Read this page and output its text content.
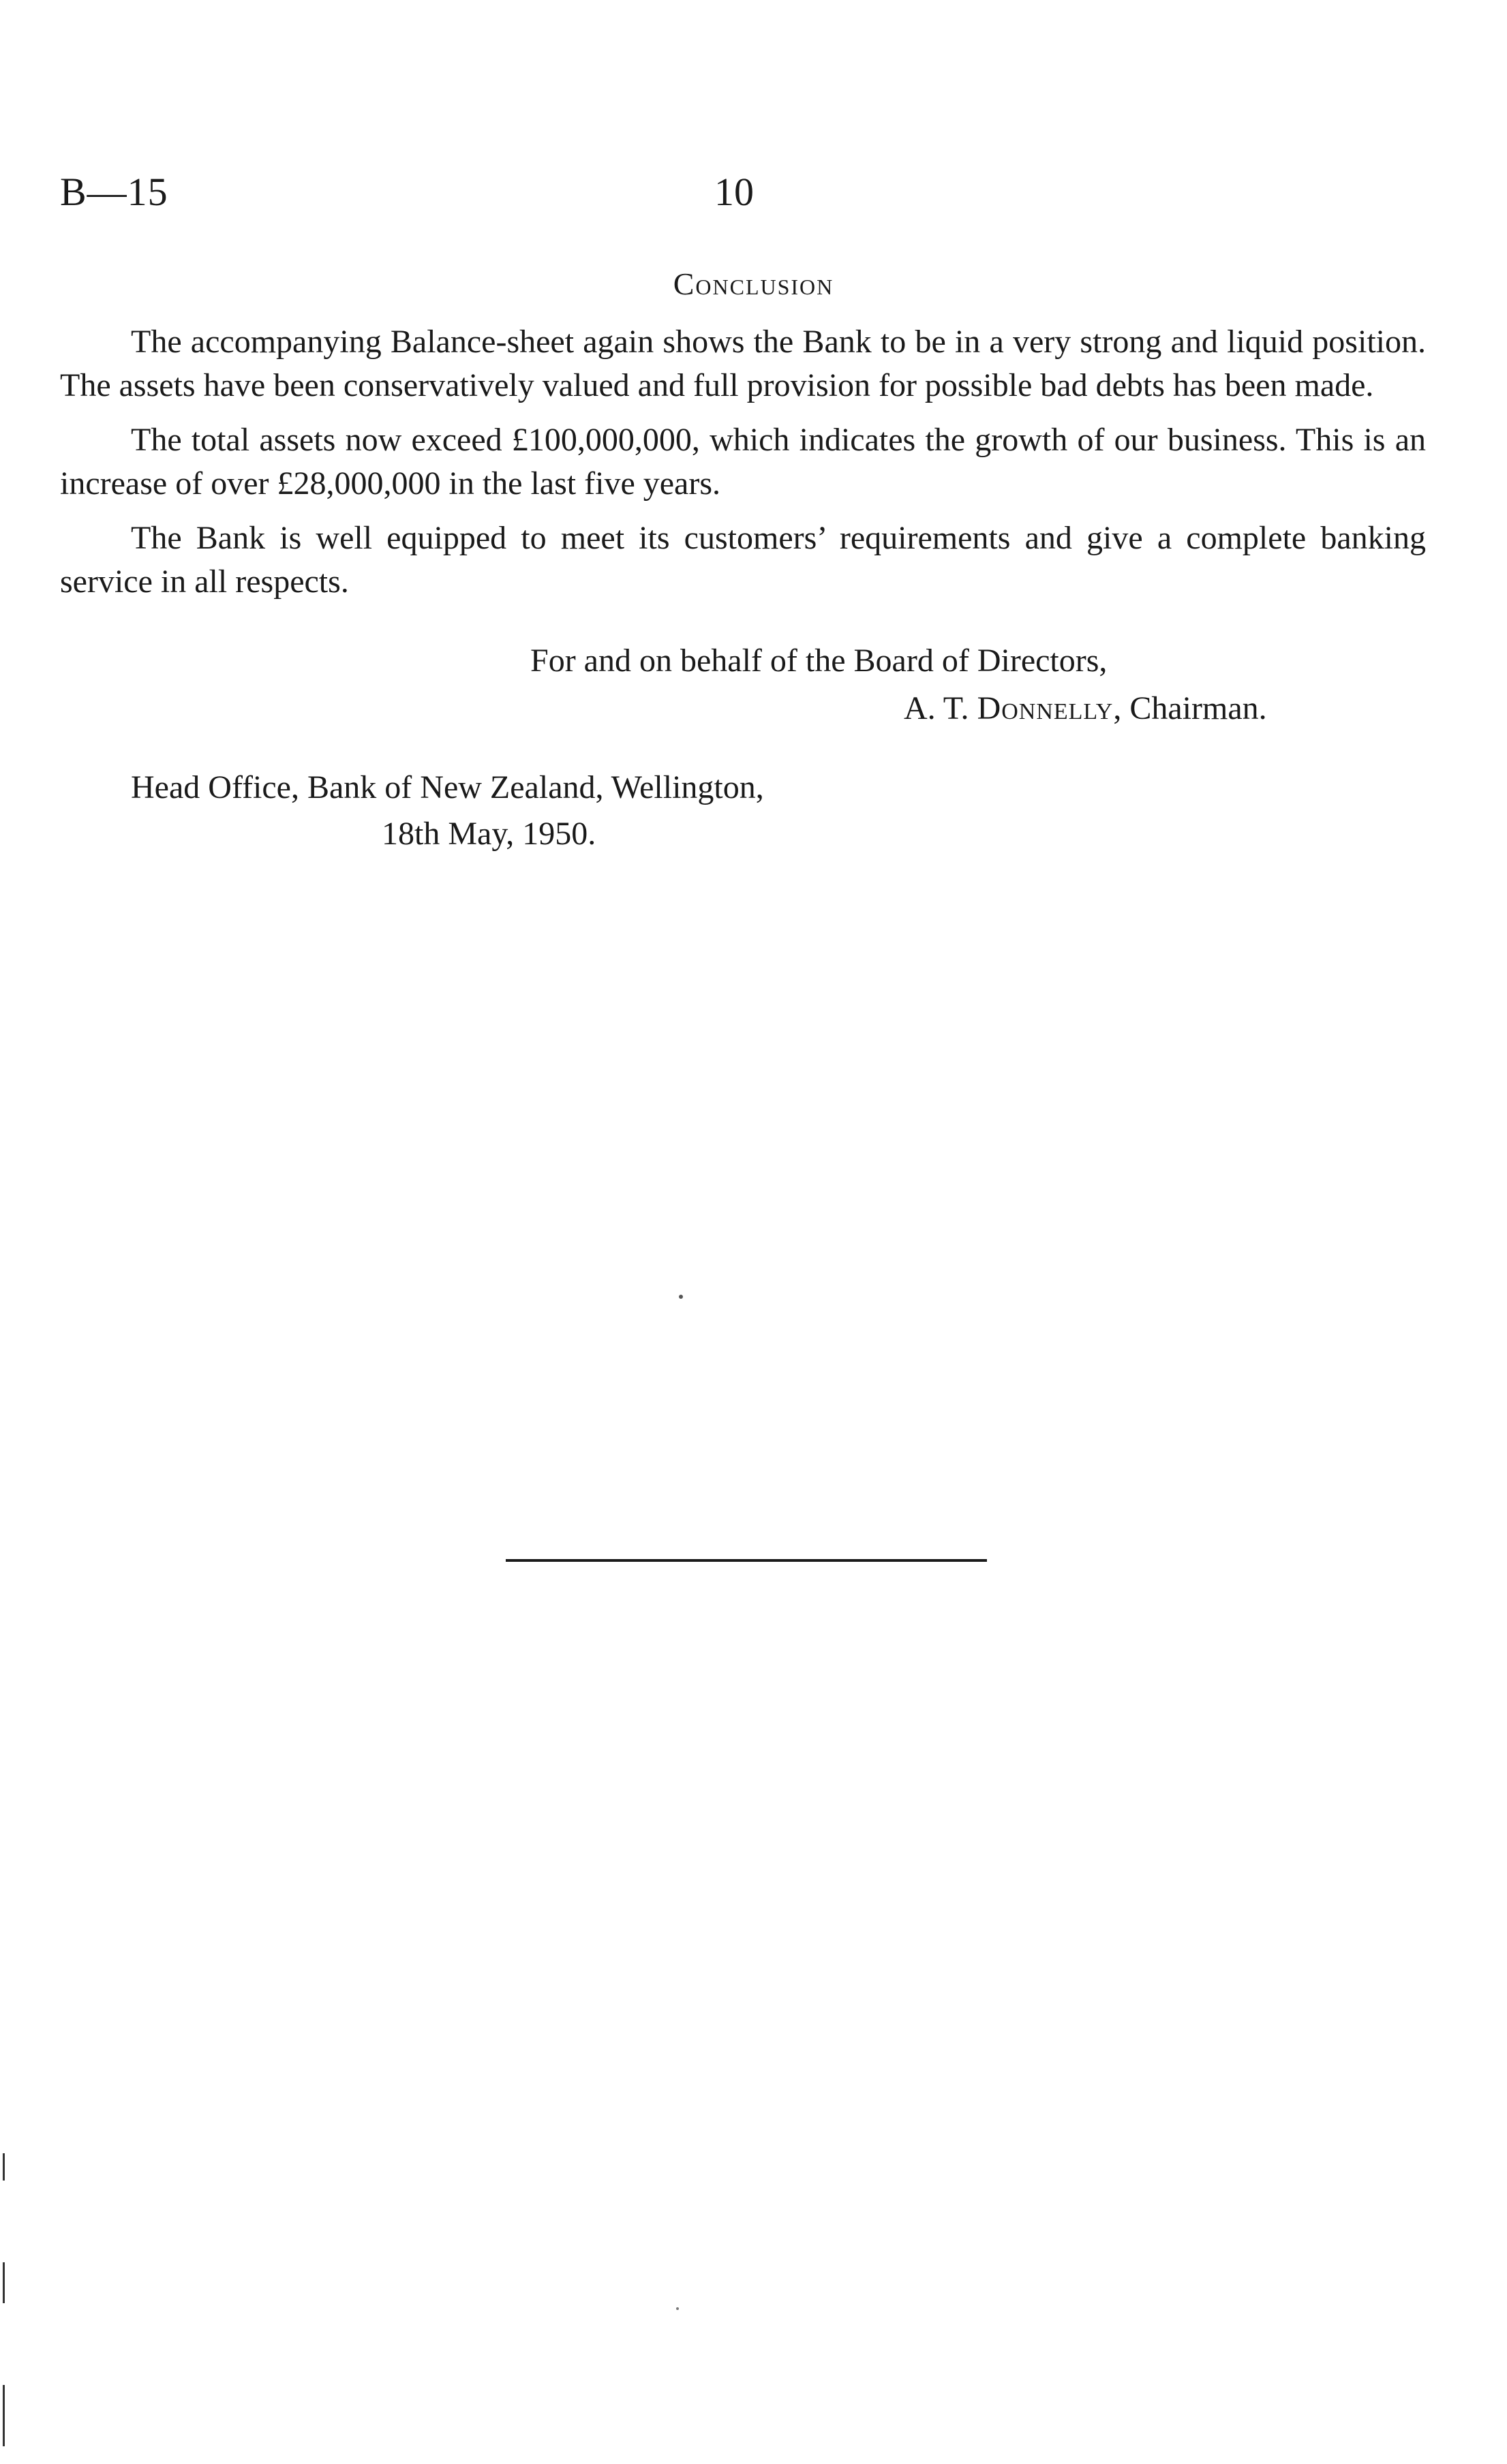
B—15	10
Conclusion

The accompanying Balance-sheet again shows the Bank to be in a very strong and liquid position. The assets have been conservatively valued and full provision for possible bad debts has been made.

The total assets now exceed £100,000,000, which indicates the growth of our business. This is an increase of over £28,000,000 in the last five years.

The Bank is well equipped to meet its customers’ requirements and give a complete banking service in all respects.

For and on behalf of the Board of Directors,
A. T. Donnelly, Chairman.
Head Office, Bank of New Zealand, Wellington,
18th May, 1950.
